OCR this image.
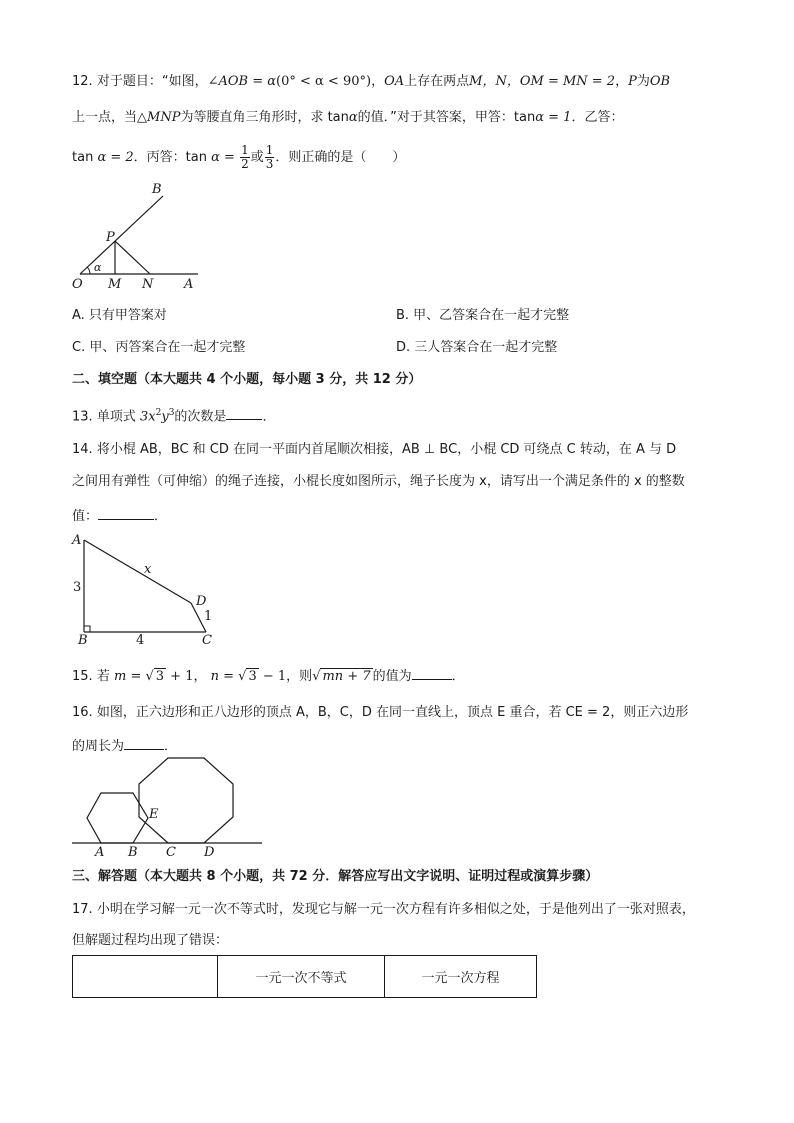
12. 对于题目：“如图，∠AOB = α(0° < α < 90°)，OA上存在两点M，N，OM = MN = 2，P为OB
上一点，当△MNP为等腰直角三角形时，求 tanα的值．”对于其答案，甲答：tanα = 1．乙答：
tan α = 2．丙答：$\tan \alpha = \frac{1}{2}$ 或 $\frac{1}{3}$ ．则正确的是（　　）
B
P
α
O M N A
A. 只有甲答案对	B. 甲、乙答案合在一起才完整
C. 甲、丙答案合在一起才完整	D. 三人答案合在一起才完整
二、填空题（本大题共 4 个小题，每小题 3 分，共 12 分）
13. 单项式 $3x^2y^3$的次数是	．
14. 将小棍 AB，BC 和 CD 在同一平面内首尾顺次相接，AB ⊥ BC，小棍 CD 可绕点 C 转动，在 A 与 D
之间用有弹性（可伸缩）的绳子连接，小棍长度如图所示，绳子长度为 x，请写出一个满足条件的 x 的整数
值：	．
A
x
3
D
1
B	4	C
15. 若 m = √ 3 + 1， n = √ 3 − 1，则√ mn + 7 的值为	．
16. 如图，正六边形和正八边形的顶点 A，B，C，D 在同一直线上，顶点 E 重合，若 CE = 2，则正六边形
的周长为	．
E
A B C D
三、解答题（本大题共 8 个小题，共 72 分．解答应写出文字说明、证明过程或演算步骤）
17. 小明在学习解一元一次不等式时，发现它与解一元一次方程有许多相似之处，于是他列出了一张对照表，
但解题过程均出现了错误：
	一元一次不等式	一元一次方程
